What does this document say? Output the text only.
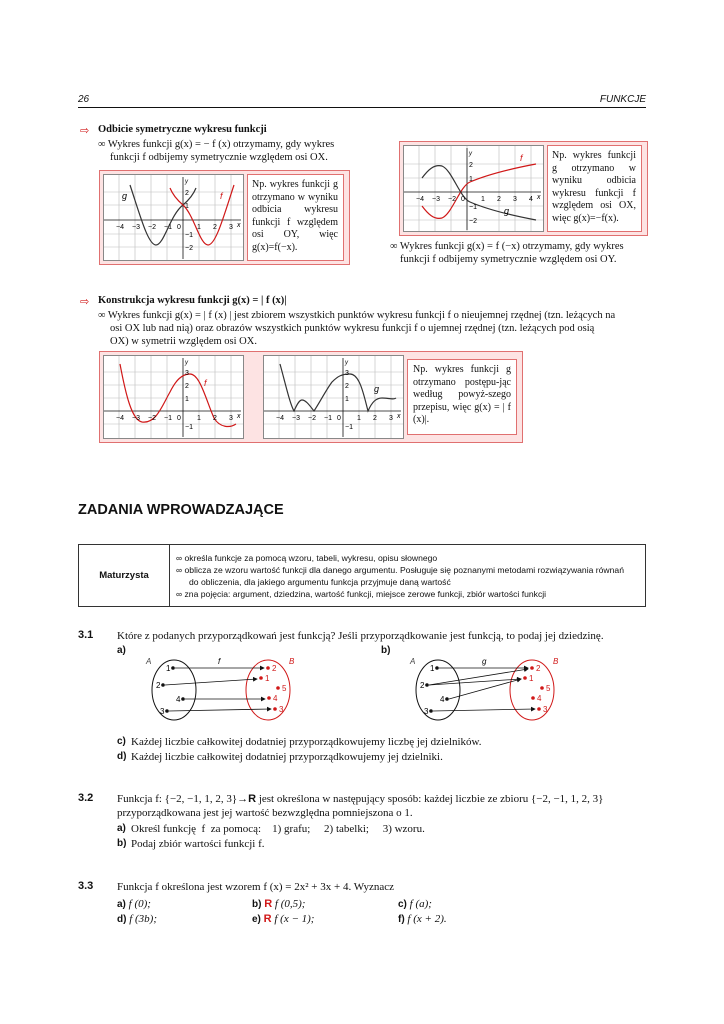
26	FUNKCJE
⇨ Odbicie symetryczne wykresu funkcji
∞ Wykres funkcji g(x) = − f (x) otrzymamy, gdy wykres
funkcji f odbijemy symetrycznie względem osi OX.
y
x
g	f
−4 −3 −2 −1 0 1 2 3
2
1
−1
−2
Np. wykres funkcji g otrzymano w wyniku odbicia wykresu funkcji f względem osi OY, więc g(x)=f(−x).
y
x
f
g
−4 −3 −2 0 1 2 3 4
2
1
−1
−2
Np. wykres funkcji g otrzymano w wyniku odbicia wykresu funkcji f względem osi OX, więc g(x)=−f(x).
∞ Wykres funkcji g(x) = f (−x) otrzymamy, gdy wykres
funkcji f odbijemy symetrycznie względem osi OY.
⇨ Konstrukcja wykresu funkcji g(x) = | f (x)|
∞ Wykres funkcji g(x) = | f (x) | jest zbiorem wszystkich punktów wykresu funkcji f o nieujemnej rzędnej (tzn. leżących na
osi OX lub nad nią) oraz obrazów wszystkich punktów wykresu funkcji f o ujemnej rzędnej (tzn. leżących pod osią
OX) w symetrii względem osi OX.
y
x
f
−4 −3 −2 −1 0 1 2 3
3
2
1
−1
y
x
g
−4 −3 −2 −1 0 1 2 3
3
2
1
−1
Np. wykres funkcji g otrzymano postępu-jąc według powyż-szego przepisu, więc g(x) = | f (x)|.
ZADANIA WPROWADZAJĄCE
Maturzysta	
∞ określa funkcje za pomocą wzoru, tabeli, wykresu, opisu słownego
∞ oblicza ze wzoru wartość funkcji dla danego argumentu. Posługuje się poznanymi metodami rozwiązywania równań
do obliczenia, dla jakiego argumentu funkcja przyjmuje daną wartość
∞ zna pojęcia: argument, dziedzina, wartość funkcji, miejsce zerowe funkcji, zbiór wartości funkcji
3.1 Które z podanych przyporządkowań jest funkcją? Jeśli przyporządkowanie jest funkcją, to podaj jej dziedzinę.
a)	b)
A	B
f
1
2
4
3
2
1
5
4
3
A	B
g
1
2
4
3
2
1
5
4
3
c) Każdej liczbie całkowitej dodatniej przyporządkowujemy liczbę jej dzielników.
d) Każdej liczbie całkowitej dodatniej przyporządkowujemy jej dzielniki.
3.2 Funkcja f: {−2, −1, 1, 2, 3}→R jest określona w następujący sposób: każdej liczbie ze zbioru {−2, −1, 1, 2, 3}
przyporządkowana jest jej wartość bezwzględna pomniejszona o 1.
a) Określ funkcję  f  za pomocą:    1) grafu;     2) tabelki;     3) wzoru.
b) Podaj zbiór wartości funkcji f.
3.3 Funkcja f określona jest wzorem f (x) = 2x² + 3x + 4. Wyznacz
a) f (0);	b) R f (0,5);	c) f (a);
d) f (3b);	e) R f (x − 1);	f) f (x + 2).
